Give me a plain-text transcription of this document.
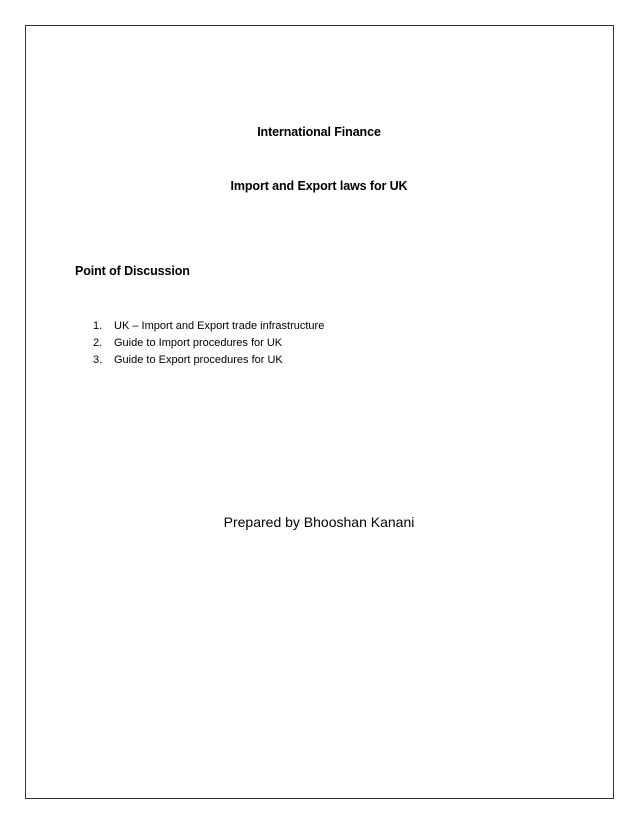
International Finance
Import and Export laws for UK
Point of Discussion
1. UK – Import and Export trade infrastructure
2. Guide to Import procedures for UK
3. Guide to Export procedures for UK
Prepared by Bhooshan Kanani
